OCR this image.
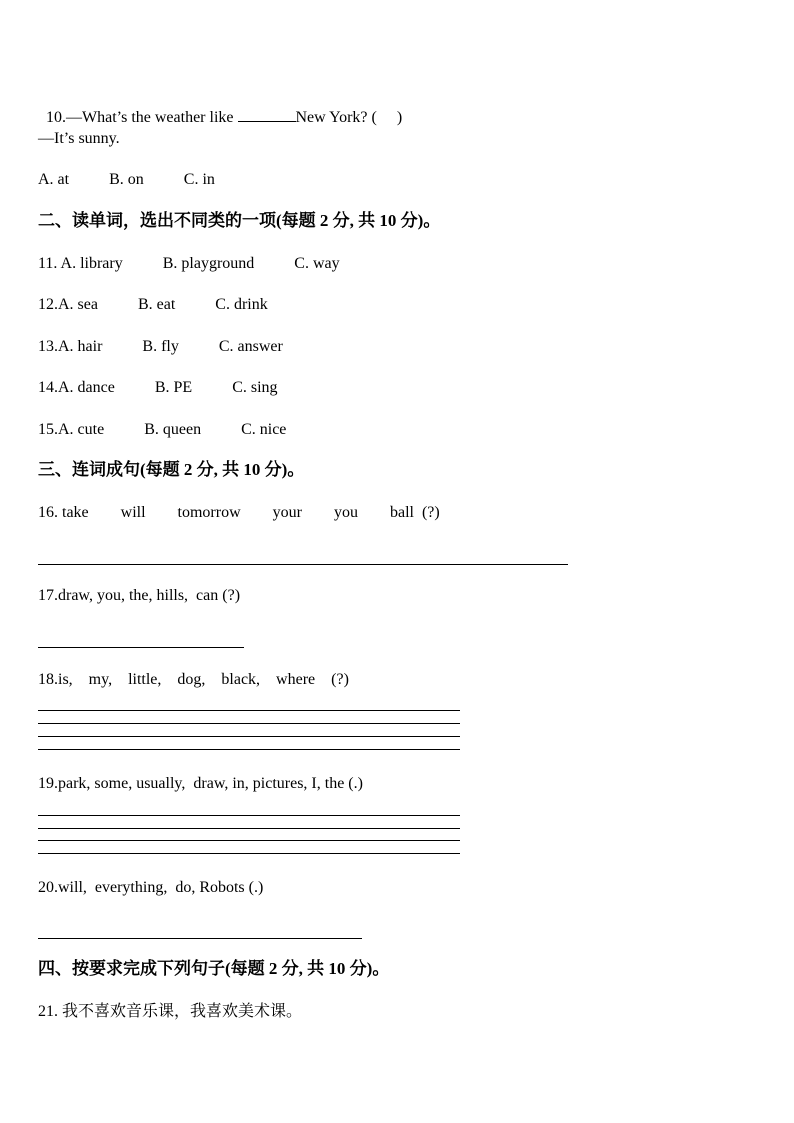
10.—What’s the weather like	New York? (     )

—It’s sunny.
A. at          B. on          C. in
二、读单词，选出不同类的一项(每题 2 分, 共 10 分)。
11. A. library          B. playground          C. way
12.A. sea          B. eat          C. drink
13.A. hair          B. fly          C. answer
14.A. dance          B. PE          C. sing
15.A. cute          B. queen          C. nice
三、连词成句(每题 2 分, 共 10 分)。
16. take        will        tomorrow        your        you        ball  (?)
17.draw, you, the, hills,  can (?)
18.is,    my,    little,    dog,    black,    where    (?)
19.park, some, usually,  draw, in, pictures, I, the (.)
20.will,  everything,  do, Robots (.)
四、按要求完成下列句子(每题 2 分, 共 10 分)。
21. 我不喜欢音乐课，我喜欢美术课。
